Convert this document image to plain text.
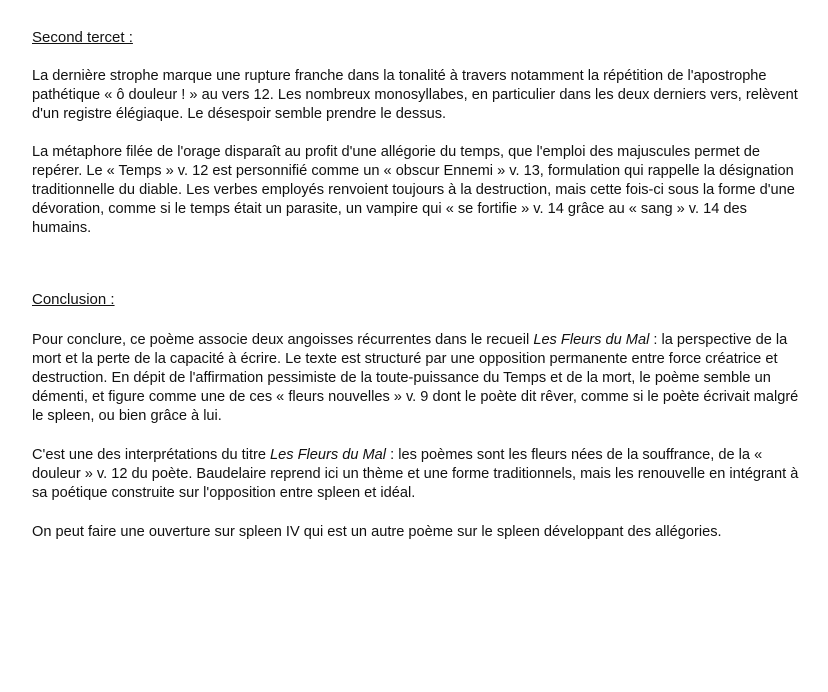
Second tercet :

La dernière strophe marque une rupture franche dans la tonalité à travers notamment la répétition de l'apostrophe pathétique « ô douleur ! » au vers 12. Les nombreux monosyllabes, en particulier dans les deux derniers vers, relèvent d'un registre élégiaque. Le désespoir semble prendre le dessus.

La métaphore filée de l'orage disparaît au profit d'une allégorie du temps, que l'emploi des majuscules permet de repérer. Le « Temps » v. 12 est personnifié comme un « obscur Ennemi » v. 13, formulation qui rappelle la désignation traditionnelle du diable. Les verbes employés renvoient toujours à la destruction, mais cette fois-ci sous la forme d'une dévoration, comme si le temps était un parasite, un vampire qui « se fortifie » v. 14 grâce au « sang » v. 14 des humains.

Conclusion :

Pour conclure, ce poème associe deux angoisses récurrentes dans le recueil Les Fleurs du Mal : la perspective de la mort et la perte de la capacité à écrire. Le texte est structuré par une opposition permanente entre force créatrice et destruction. En dépit de l'affirmation pessimiste de la toute-puissance du Temps et de la mort, le poème semble un démenti, et figure comme une de ces « fleurs nouvelles » v. 9 dont le poète dit rêver, comme si le poète écrivait malgré le spleen, ou bien grâce à lui.

C'est une des interprétations du titre Les Fleurs du Mal : les poèmes sont les fleurs nées de la souffrance, de la « douleur » v. 12 du poète. Baudelaire reprend ici un thème et une forme traditionnels, mais les renouvelle en intégrant à sa poétique construite sur l'opposition entre spleen et idéal.

On peut faire une ouverture sur spleen IV qui est un autre poème sur le spleen développant des allégories.
